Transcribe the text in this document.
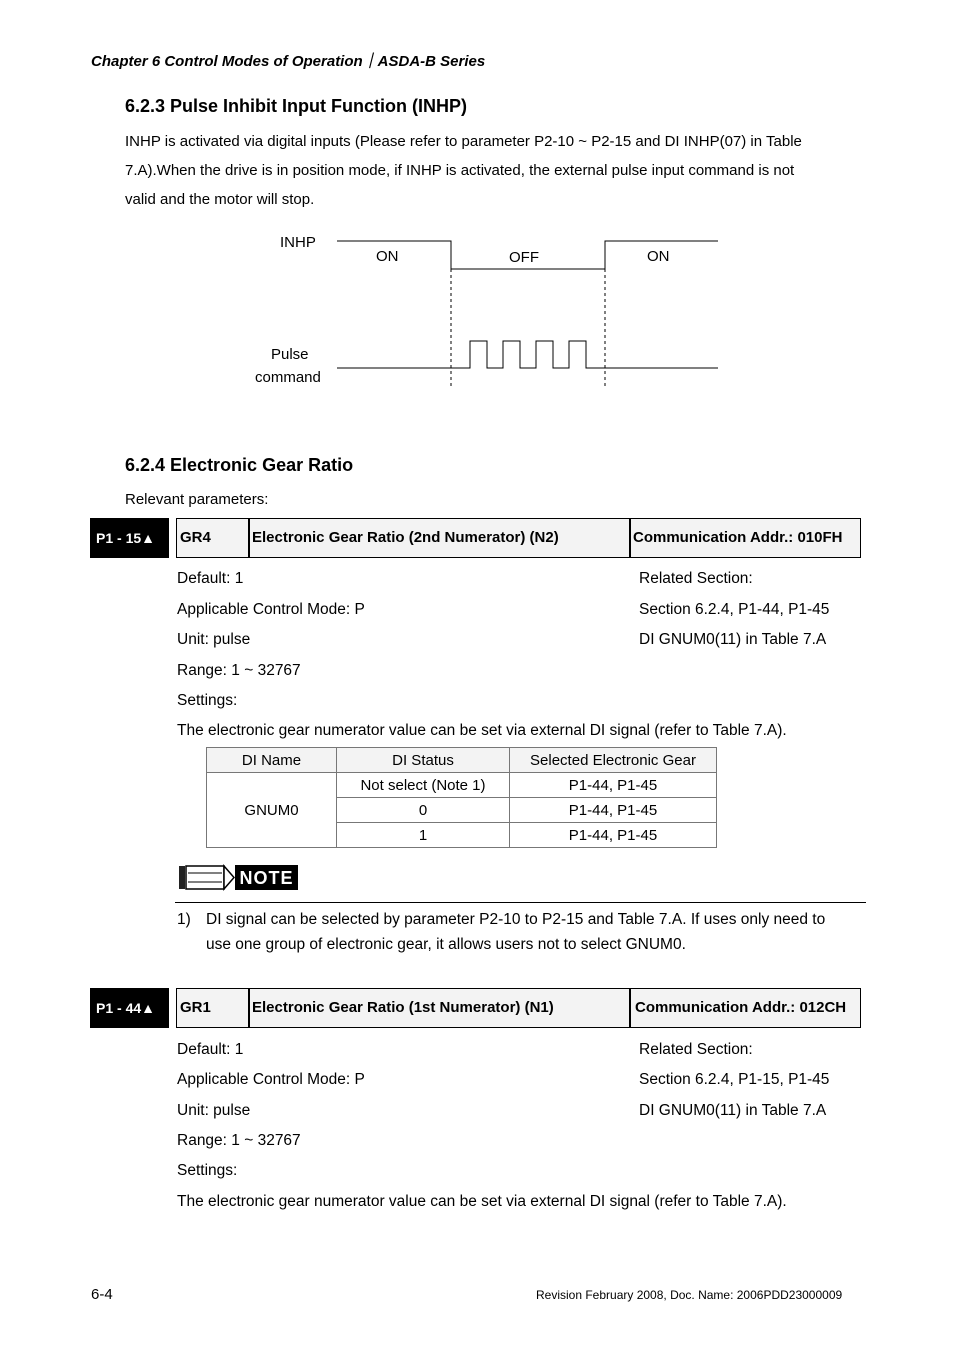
Chapter 6 Control Modes of Operation｜ASDA-B Series
6.2.3 Pulse Inhibit Input Function (INHP)
INHP is activated via digital inputs (Please refer to parameter P2-10 ~ P2-15 and DI INHP(07) in Table
7.A).When the drive is in position mode, if INHP is activated, the external pulse input command is not
valid and the motor will stop.
INHP
ON	OFF	ON
Pulse
command
6.2.4 Electronic Gear Ratio
Relevant parameters:
P1 - 15▲	GR4	Electronic Gear Ratio (2nd Numerator) (N2)	Communication Addr.: 010FH
Default: 1
Applicable Control Mode: P
Unit: pulse
Range: 1 ~ 32767
Settings:
Related Section:
Section 6.2.4, P1-44, P1-45
DI GNUM0(11) in Table 7.A
The electronic gear numerator value can be set via external DI signal (refer to Table 7.A).
DI Name	DI Status	Selected Electronic Gear
GNUM0	Not select (Note 1)	P1-44, P1-45
	0	P1-44, P1-45
	1	P1-44, P1-45
NOTE
1) DI signal can be selected by parameter P2-10 to P2-15 and Table 7.A. If uses only need to
use one group of electronic gear, it allows users not to select GNUM0.
P1 - 44▲	GR1	Electronic Gear Ratio (1st Numerator) (N1)	Communication Addr.: 012CH
Default: 1
Applicable Control Mode: P
Unit: pulse
Range: 1 ~ 32767
Settings:
Related Section:
Section 6.2.4, P1-15, P1-45
DI GNUM0(11) in Table 7.A
The electronic gear numerator value can be set via external DI signal (refer to Table 7.A).
6-4	Revision February 2008, Doc. Name: 2006PDD23000009
